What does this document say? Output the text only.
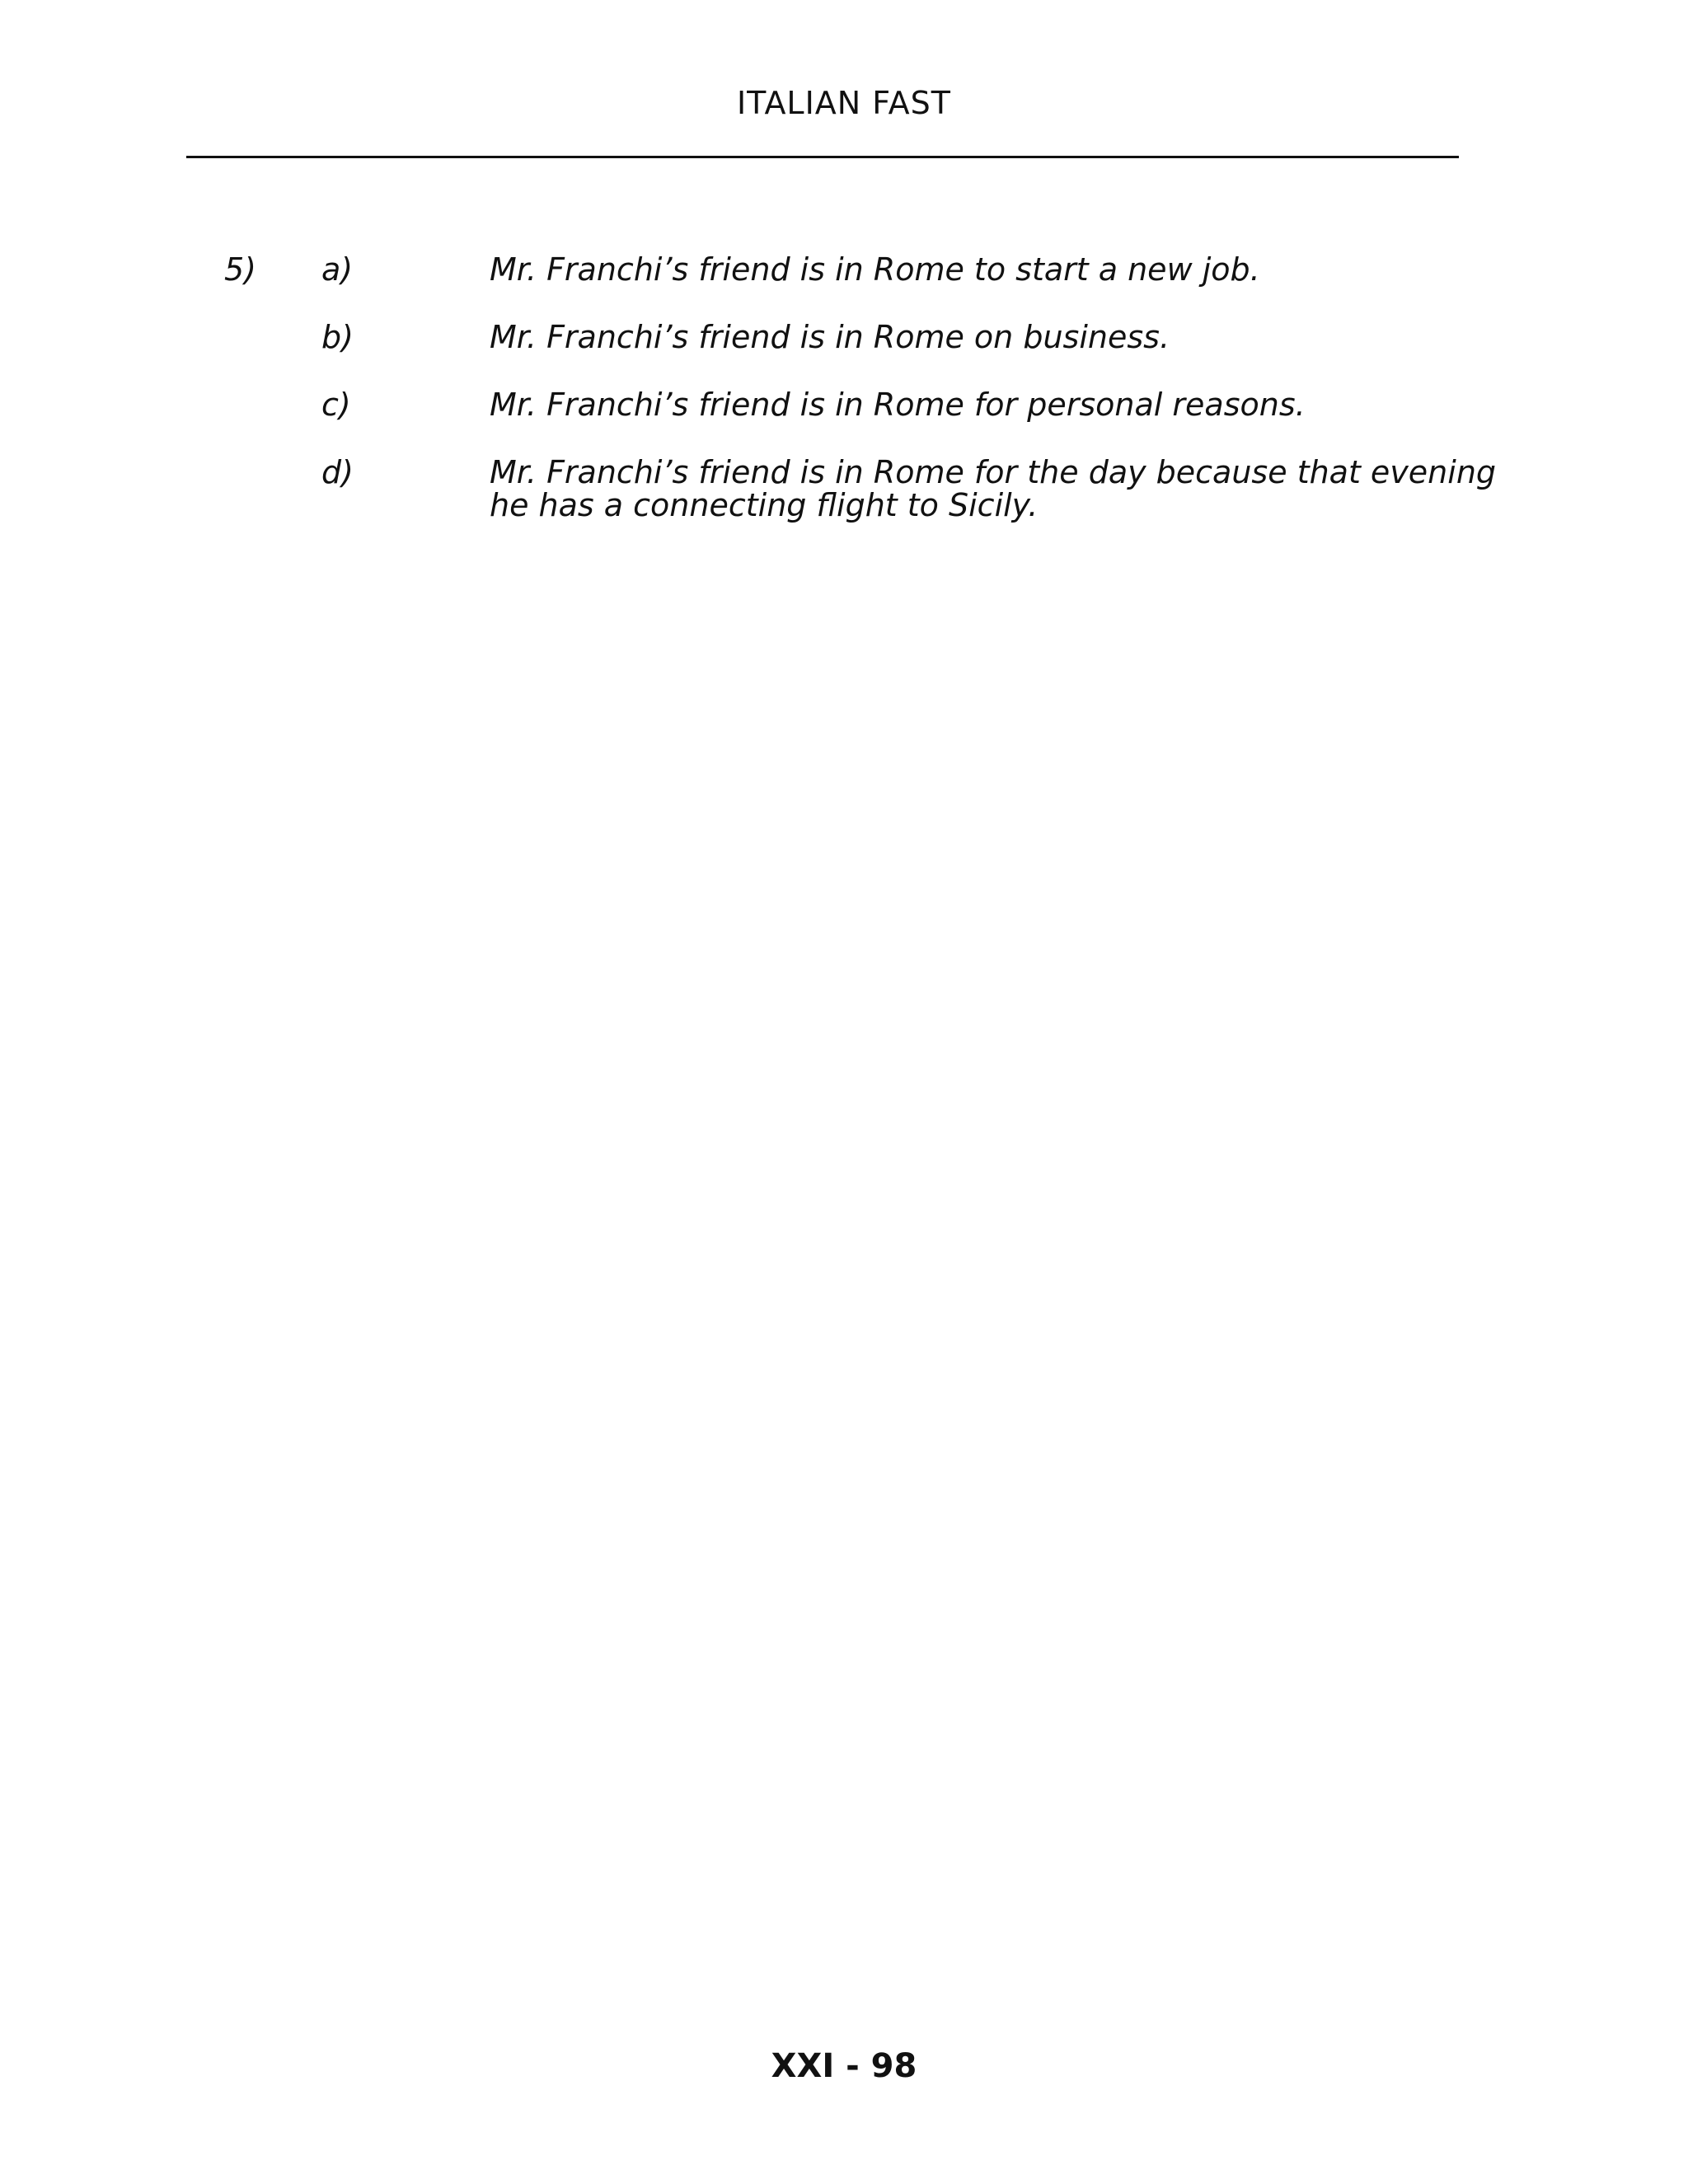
ITALIAN FAST
5) a)	Mr. Franchi’s friend is in Rome to start a new job.
b)	Mr. Franchi’s friend is in Rome on business.
c)	Mr. Franchi’s friend is in Rome for personal reasons.
d)	Mr. Franchi’s friend is in Rome for the day because that evening he has a connecting flight to Sicily.
XXI - 98
